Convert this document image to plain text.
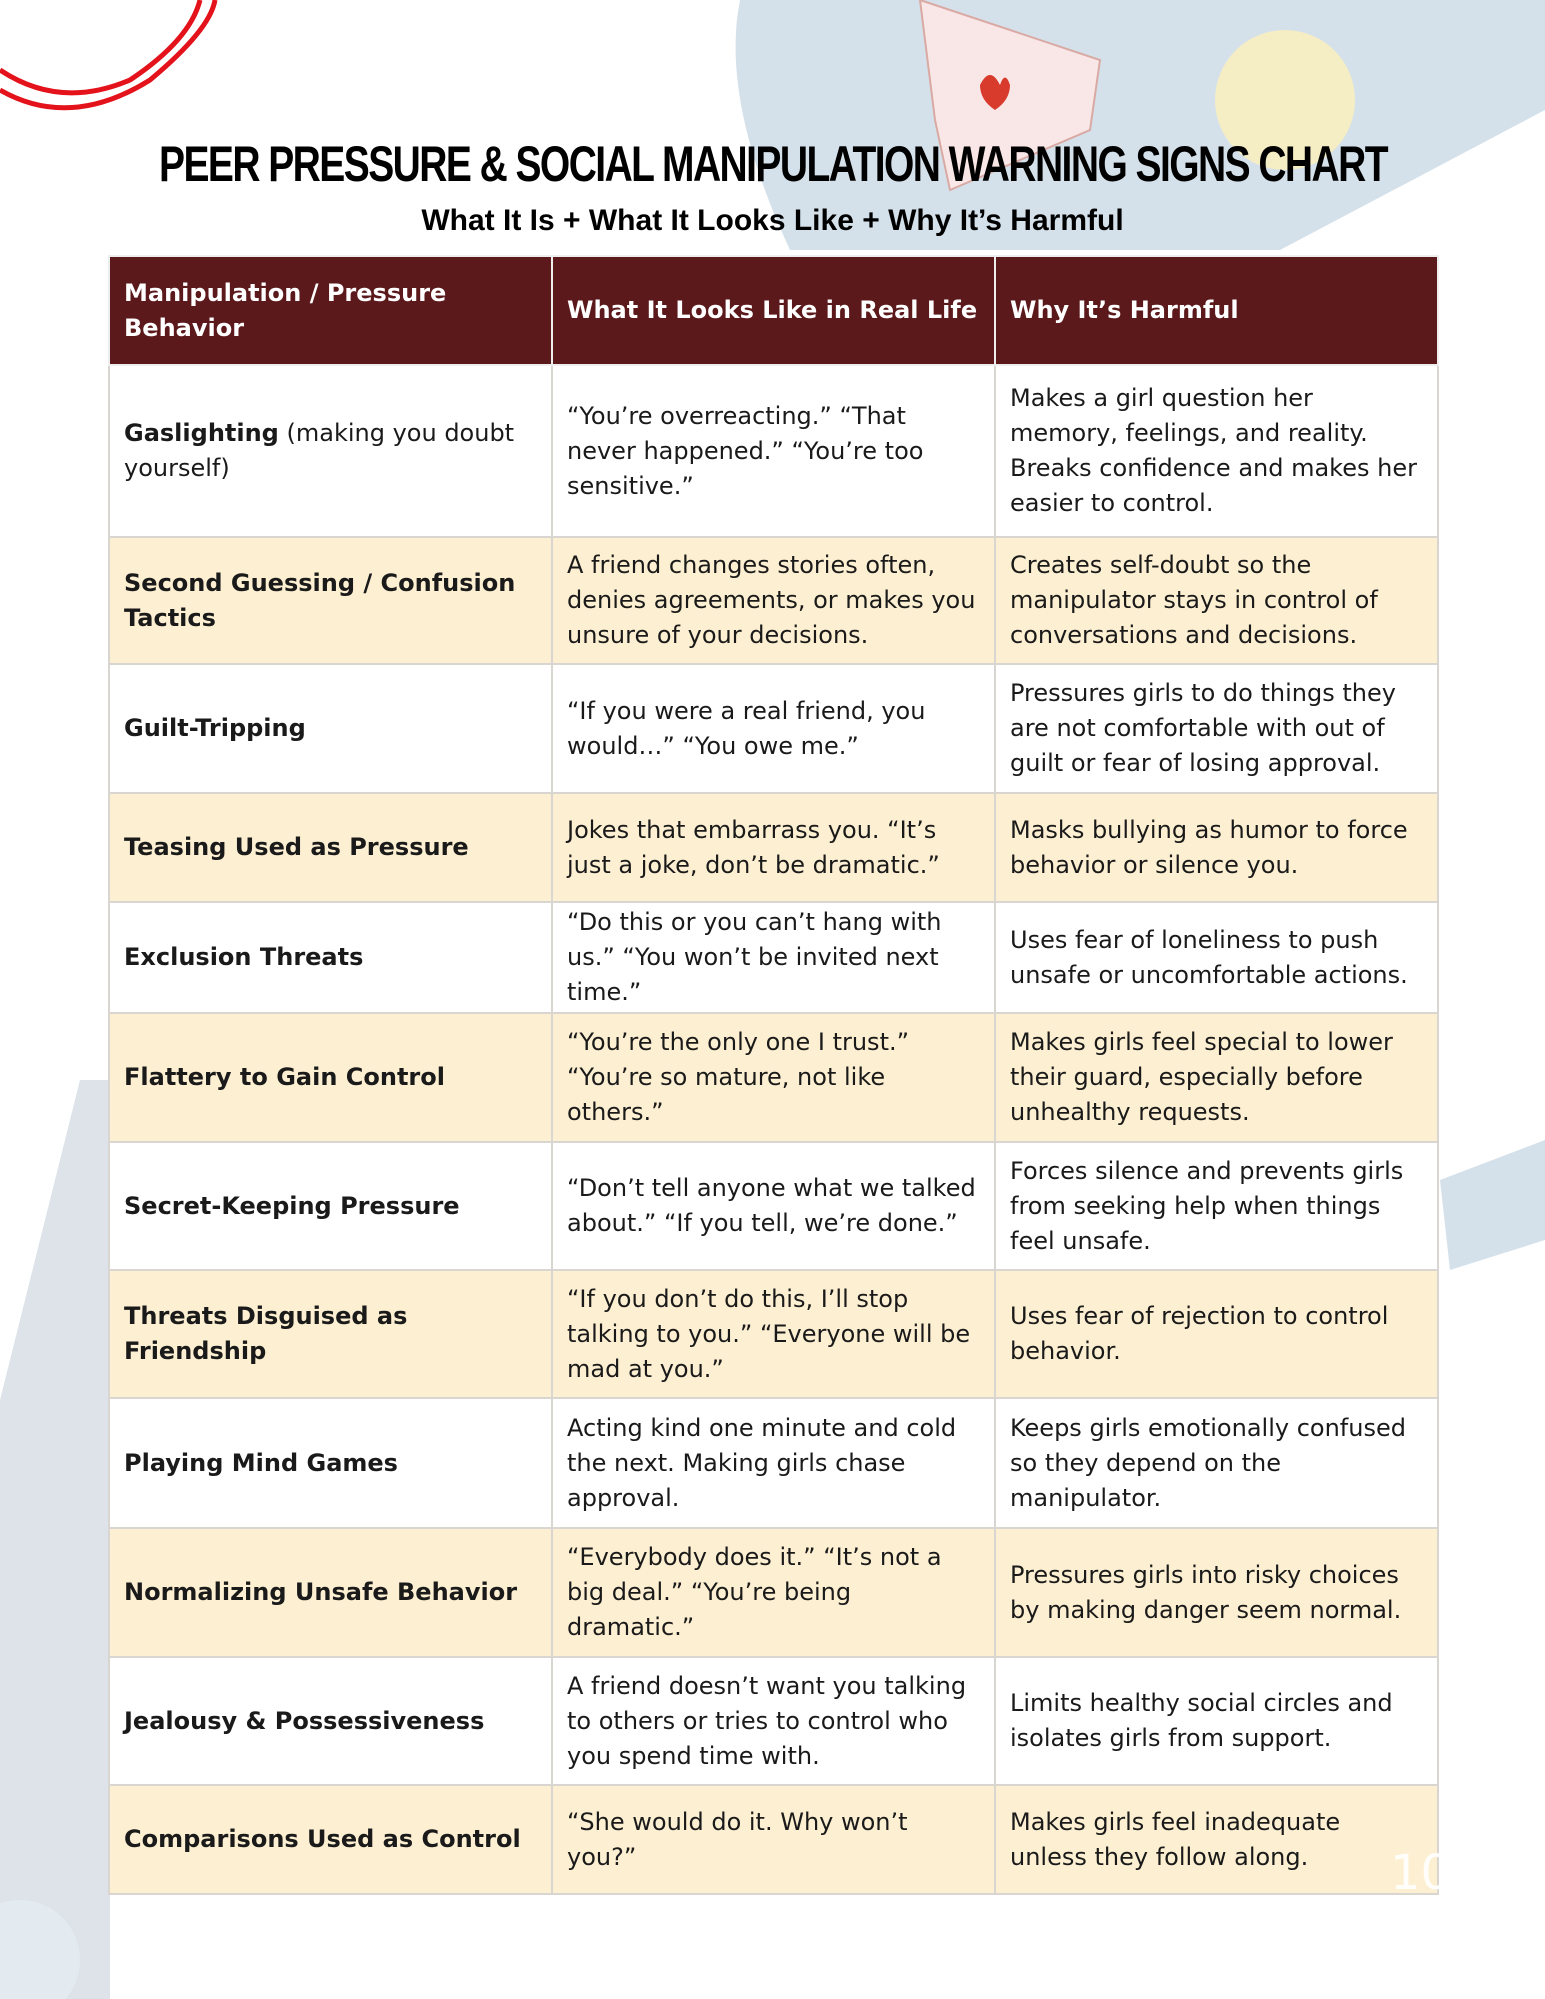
PEER PRESSURE & SOCIAL MANIPULATION WARNING SIGNS CHART
What It Is + What It Looks Like + Why It’s Harmful
Manipulation / Pressure Behavior	What It Looks Like in Real Life	Why It’s Harmful
Gaslighting (making you doubt yourself)	“You’re overreacting.” “That never happened.” “You’re too sensitive.”	Makes a girl question her memory, feelings, and reality. Breaks confidence and makes her easier to control.
Second Guessing / Confusion Tactics	A friend changes stories often, denies agreements, or makes you unsure of your decisions.	Creates self-doubt so the manipulator stays in control of conversations and decisions.
Guilt-Tripping	“If you were a real friend, you would…” “You owe me.”	Pressures girls to do things they are not comfortable with out of guilt or fear of losing approval.
Teasing Used as Pressure	Jokes that embarrass you. “It’s just a joke, don’t be dramatic.”	Masks bullying as humor to force behavior or silence you.
Exclusion Threats	“Do this or you can’t hang with us.” “You won’t be invited next time.”	Uses fear of loneliness to push unsafe or uncomfortable actions.
Flattery to Gain Control	“You’re the only one I trust.” “You’re so mature, not like others.”	Makes girls feel special to lower their guard, especially before unhealthy requests.
Secret-Keeping Pressure	“Don’t tell anyone what we talked about.” “If you tell, we’re done.”	Forces silence and prevents girls from seeking help when things feel unsafe.
Threats Disguised as Friendship	“If you don’t do this, I’ll stop talking to you.” “Everyone will be mad at you.”	Uses fear of rejection to control behavior.
Playing Mind Games	Acting kind one minute and cold the next. Making girls chase approval.	Keeps girls emotionally confused so they depend on the manipulator.
Normalizing Unsafe Behavior	“Everybody does it.” “It’s not a big deal.” “You’re being dramatic.”	Pressures girls into risky choices by making danger seem normal.
Jealousy & Possessiveness	A friend doesn’t want you talking to others or tries to control who you spend time with.	Limits healthy social circles and isolates girls from support.
Comparisons Used as Control	“She would do it. Why won’t you?”	Makes girls feel inadequate unless they follow along. 10
